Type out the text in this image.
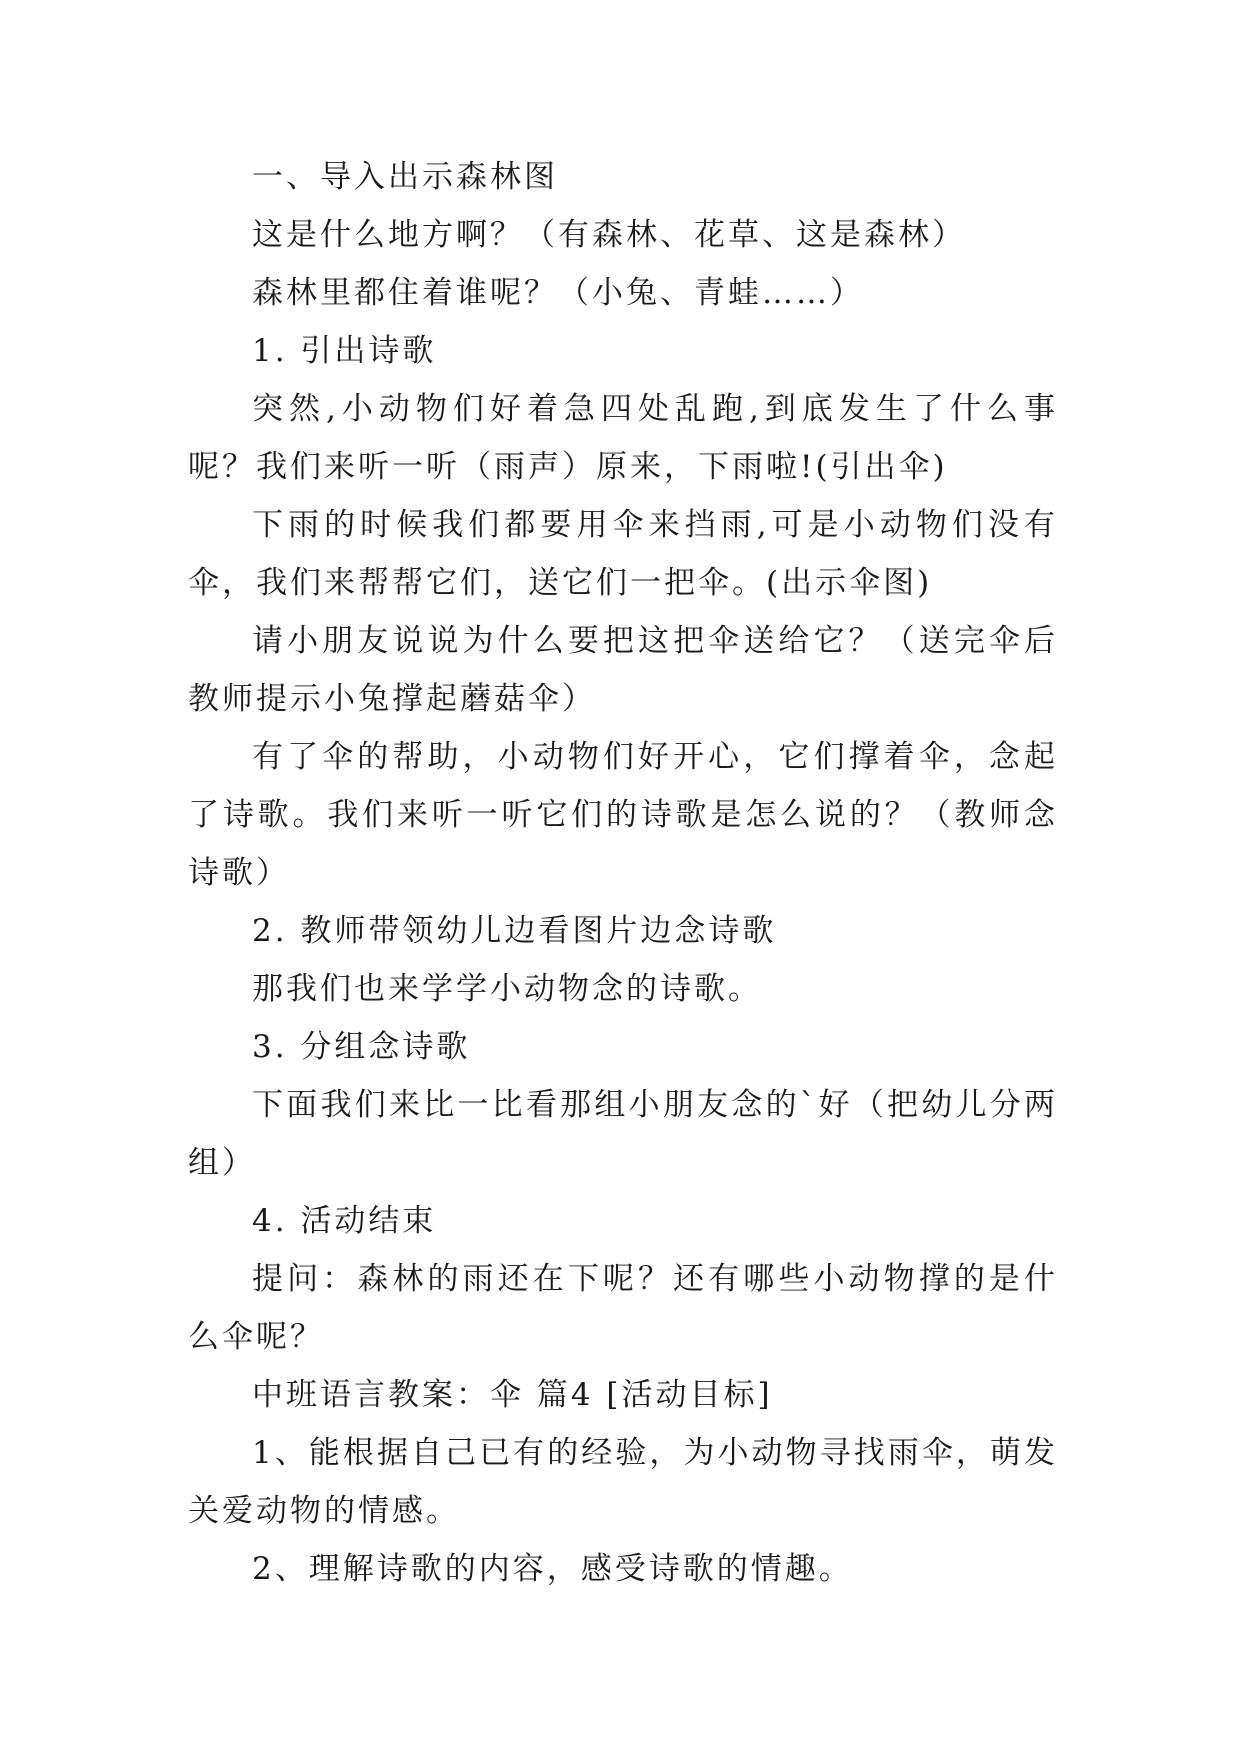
一、导入出示森林图

这是什么地方啊？（有森林、花草、这是森林）

森林里都住着谁呢？（小兔、青蛙……）

1. 引出诗歌

突然,小动物们好着急四处乱跑,到底发生了什么事呢？我们来听一听（雨声）原来，下雨啦!(引出伞)

下雨的时候我们都要用伞来挡雨,可是小动物们没有伞，我们来帮帮它们，送它们一把伞。(出示伞图)

请小朋友说说为什么要把这把伞送给它？（送完伞后教师提示小兔撑起蘑菇伞）

有了伞的帮助，小动物们好开心，它们撑着伞，念起了诗歌。我们来听一听它们的诗歌是怎么说的？（教师念诗歌）

2. 教师带领幼儿边看图片边念诗歌

那我们也来学学小动物念的诗歌。

3. 分组念诗歌

下面我们来比一比看那组小朋友念的`好（把幼儿分两组）

4. 活动结束

提问：森林的雨还在下呢？还有哪些小动物撑的是什么伞呢？

中班语言教案：伞 篇4 [活动目标]

1、能根据自己已有的经验，为小动物寻找雨伞，萌发关爱动物的情感。

2、理解诗歌的内容，感受诗歌的情趣。
